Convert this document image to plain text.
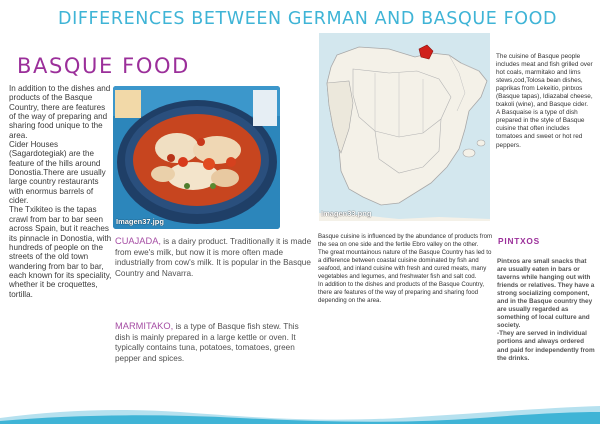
DIFFERENCES BETWEEN GERMAN AND BASQUE FOOD
BASQUE FOOD

In addition to the dishes and products of the Basque Country, there are features of the way of preparing and sharing food unique to the area.

Cider Houses (Sagardotegiak) are the feature of the hills around Donostia.There are usually large country restaurants with enormus barrels of cider.

The Txikiteo is the tapas crawl from bar to bar seen across Spain, but it reaches its pinnacle in Donostia, with hundreds of people on the streets of the old town wandering from bar to bar, each known for its speciality, whether it be croquettes, tortilla.

Imagen37.jpg
CUAJADA, is a dairy product. Traditionally it is made from ewe's milk, but now it is more often made industrially from cow's milk. It is popular in the Basque Country and Navarra.
MARMITAKO, is a type of Basque fish stew. This dish is mainly prepared in a large kettle or oven. It typically contains tuna, potatoes, tomatoes, green pepper and spices.
Imagen33.png

Basque cuisine is influenced by the abundance of products from the sea on one side and the fertile Ebro valley on the other.

The great mountainous nature of the Basque Country has led to a difference between coastal cuisine dominated by fish and seafood, and inland cuisine with fresh and cured meats, many vegetables and legumes, and freshwater fish and salt cod.

In addition to the dishes and products of the Basque Country, there are features of the way of preparing and sharing food depending on the area.

The cuisine of Basque people includes meat and fish grilled over hot coals, marmitako and lims stews,cod,Tolosa bean dishes, paprikas from Lekeitio, pintxos (Basque tapas), Idiazabal cheese, txakoli (wine), and Basque cider.

A Basquaise is a type of dish prepared in the style of Basque cuisine that often includes tomatoes and sweet or hot red peppers.

PINTXOS

Pintxos are small snacks that are usually eaten in bars or taverns while hanging out with friends or relatives. They have a strong socializing component, and in the Basque country they are usually regarded as something of local culture and society.

-They are served in individual portions and always ordered and paid for independently from the drinks.
